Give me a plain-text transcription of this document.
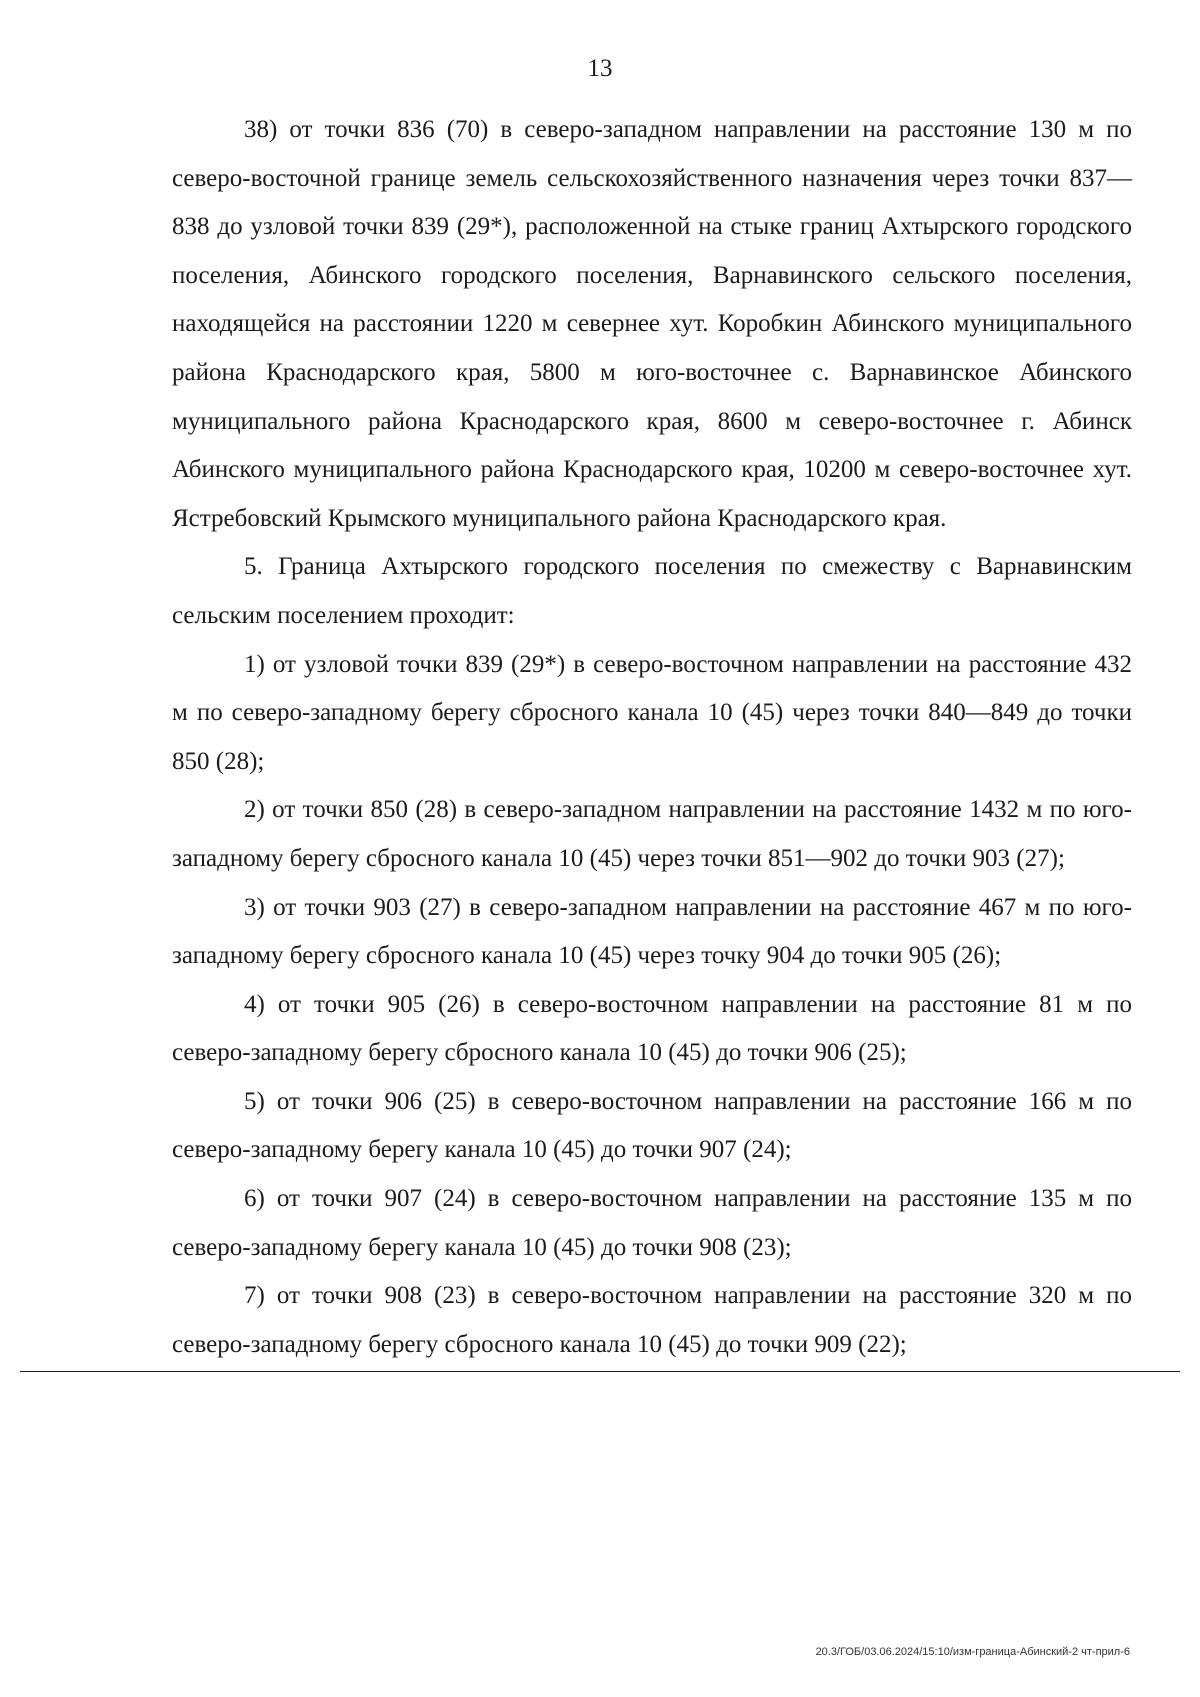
13

38) от точки 836 (70) в северо-западном направлении на расстояние 130 м по северо-восточной границе земель сельскохозяйственного назначения через точки 837—838 до узловой точки 839 (29*), расположенной на стыке границ Ахтырского городского поселения, Абинского городского поселения, Варнавинского сельского поселения, находящейся на расстоянии 1220 м севернее хут. Коробкин Абинского муниципального района Краснодарского края, 5800 м юго-восточнее с. Варнавинское Абинского муниципального района Краснодарского края, 8600 м северо-восточнее г. Абинск Абинского муниципального района Краснодарского края, 10200 м северо-восточнее хут. Ястребовский Крымского муниципального района Краснодарского края.

5. Граница Ахтырского городского поселения по смежеству с Варнавинским сельским поселением проходит:

1) от узловой точки 839 (29*) в северо-восточном направлении на расстояние 432 м по северо-западному берегу сбросного канала 10 (45) через точки 840—849 до точки 850 (28);

2) от точки 850 (28) в северо-западном направлении на расстояние 1432 м по юго-западному берегу сбросного канала 10 (45) через точки 851—902 до точки 903 (27);

3) от точки 903 (27) в северо-западном направлении на расстояние 467 м по юго-западному берегу сбросного канала 10 (45) через точку 904 до точки 905 (26);

4) от точки 905 (26) в северо-восточном направлении на расстояние 81 м по северо-западному берегу сбросного канала 10 (45) до точки 906 (25);

5) от точки 906 (25) в северо-восточном направлении на расстояние 166 м по северо-западному берегу канала 10 (45) до точки 907 (24);

6) от точки 907 (24) в северо-восточном направлении на расстояние 135 м по северо-западному берегу канала 10 (45) до точки 908 (23);

7) от точки 908 (23) в северо-восточном направлении на расстояние 320 м по северо-западному берегу сбросного канала 10 (45) до точки 909 (22);

20.3/ГОБ/03.06.2024/15:10/изм-граница-Абинский-2 чт-прил-6
